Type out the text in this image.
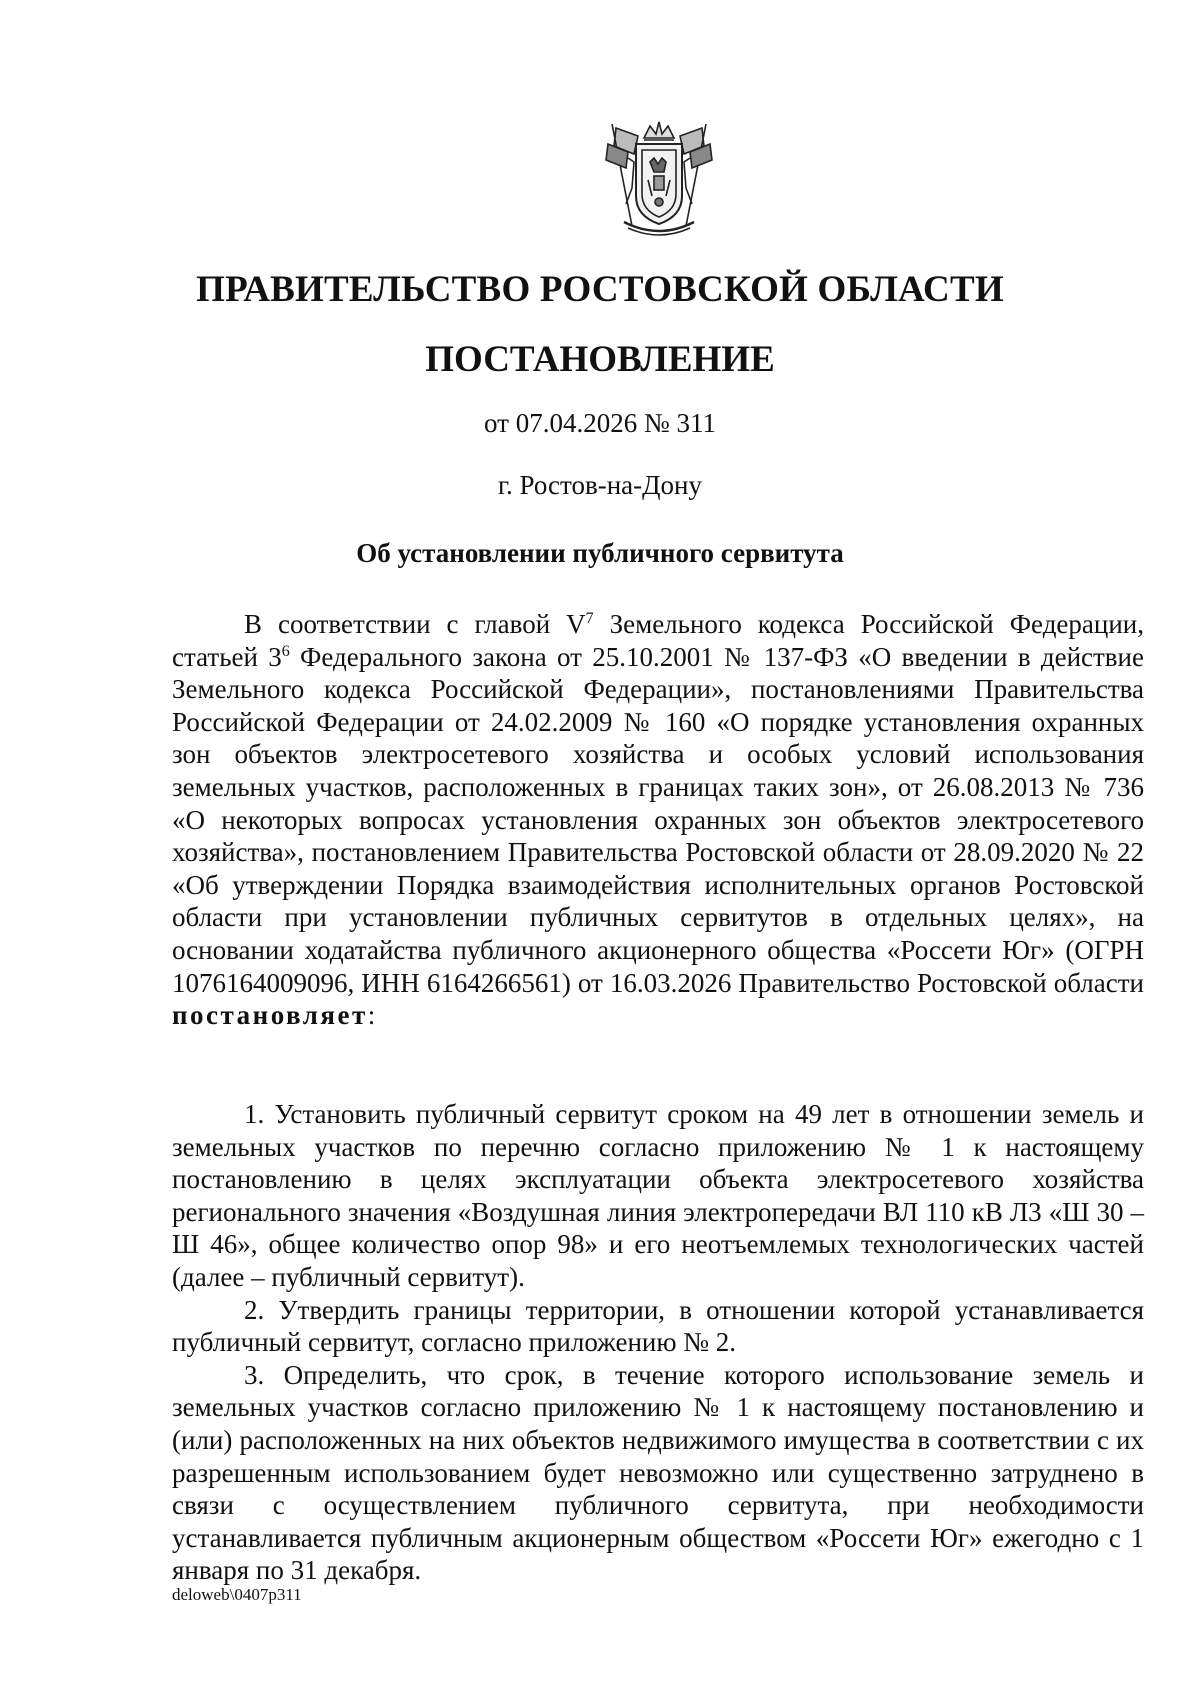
ПРАВИТЕЛЬСТВО РОСТОВСКОЙ ОБЛАСТИ
ПОСТАНОВЛЕНИЕ
от 07.04.2026 № 311
г. Ростов-на-Дону
Об установлении публичного сервитута

В соответствии с главой $V^7$ Земельного кодекса Российской Федерации, статьей $3^6$ Федерального закона от 25.10.2001 № 137-ФЗ «О введении в действие Земельного кодекса Российской Федерации», постановлениями Правительства Российской Федерации от 24.02.2009 № 160 «О порядке установления охранных зон объектов электросетевого хозяйства и особых условий использования земельных участков, расположенных в границах таких зон», от 26.08.2013 № 736 «О некоторых вопросах установления охранных зон объектов электросетевого хозяйства», постановлением Правительства Ростовской области от 28.09.2020 № 22 «Об утверждении Порядка взаимодействия исполнительных органов Ростовской области при установлении публичных сервитутов в отдельных целях», на основании ходатайства публичного акционерного общества «Россети Юг» (ОГРН 1076164009096, ИНН 6164266561) от 16.03.2026 Правительство Ростовской области постановляет:

1. Установить публичный сервитут сроком на 49 лет в отношении земель и земельных участков по перечню согласно приложению № 1 к настоящему постановлению в целях эксплуатации объекта электросетевого хозяйства регионального значения «Воздушная линия электропередачи ВЛ 110 кВ Л3 «Ш 30 – Ш 46», общее количество опор 98» и его неотъемлемых технологических частей (далее – публичный сервитут).

2. Утвердить границы территории, в отношении которой устанавливается публичный сервитут, согласно приложению № 2.

3. Определить, что срок, в течение которого использование земель и земельных участков согласно приложению № 1 к настоящему постановлению и (или) расположенных на них объектов недвижимого имущества в соответствии с их разрешенным использованием будет невозможно или существенно затруднено в связи с осуществлением публичного сервитута, при необходимости устанавливается публичным акционерным обществом «Россети Юг» ежегодно с 1 января по 31 декабря.

deloweb\0407p311
